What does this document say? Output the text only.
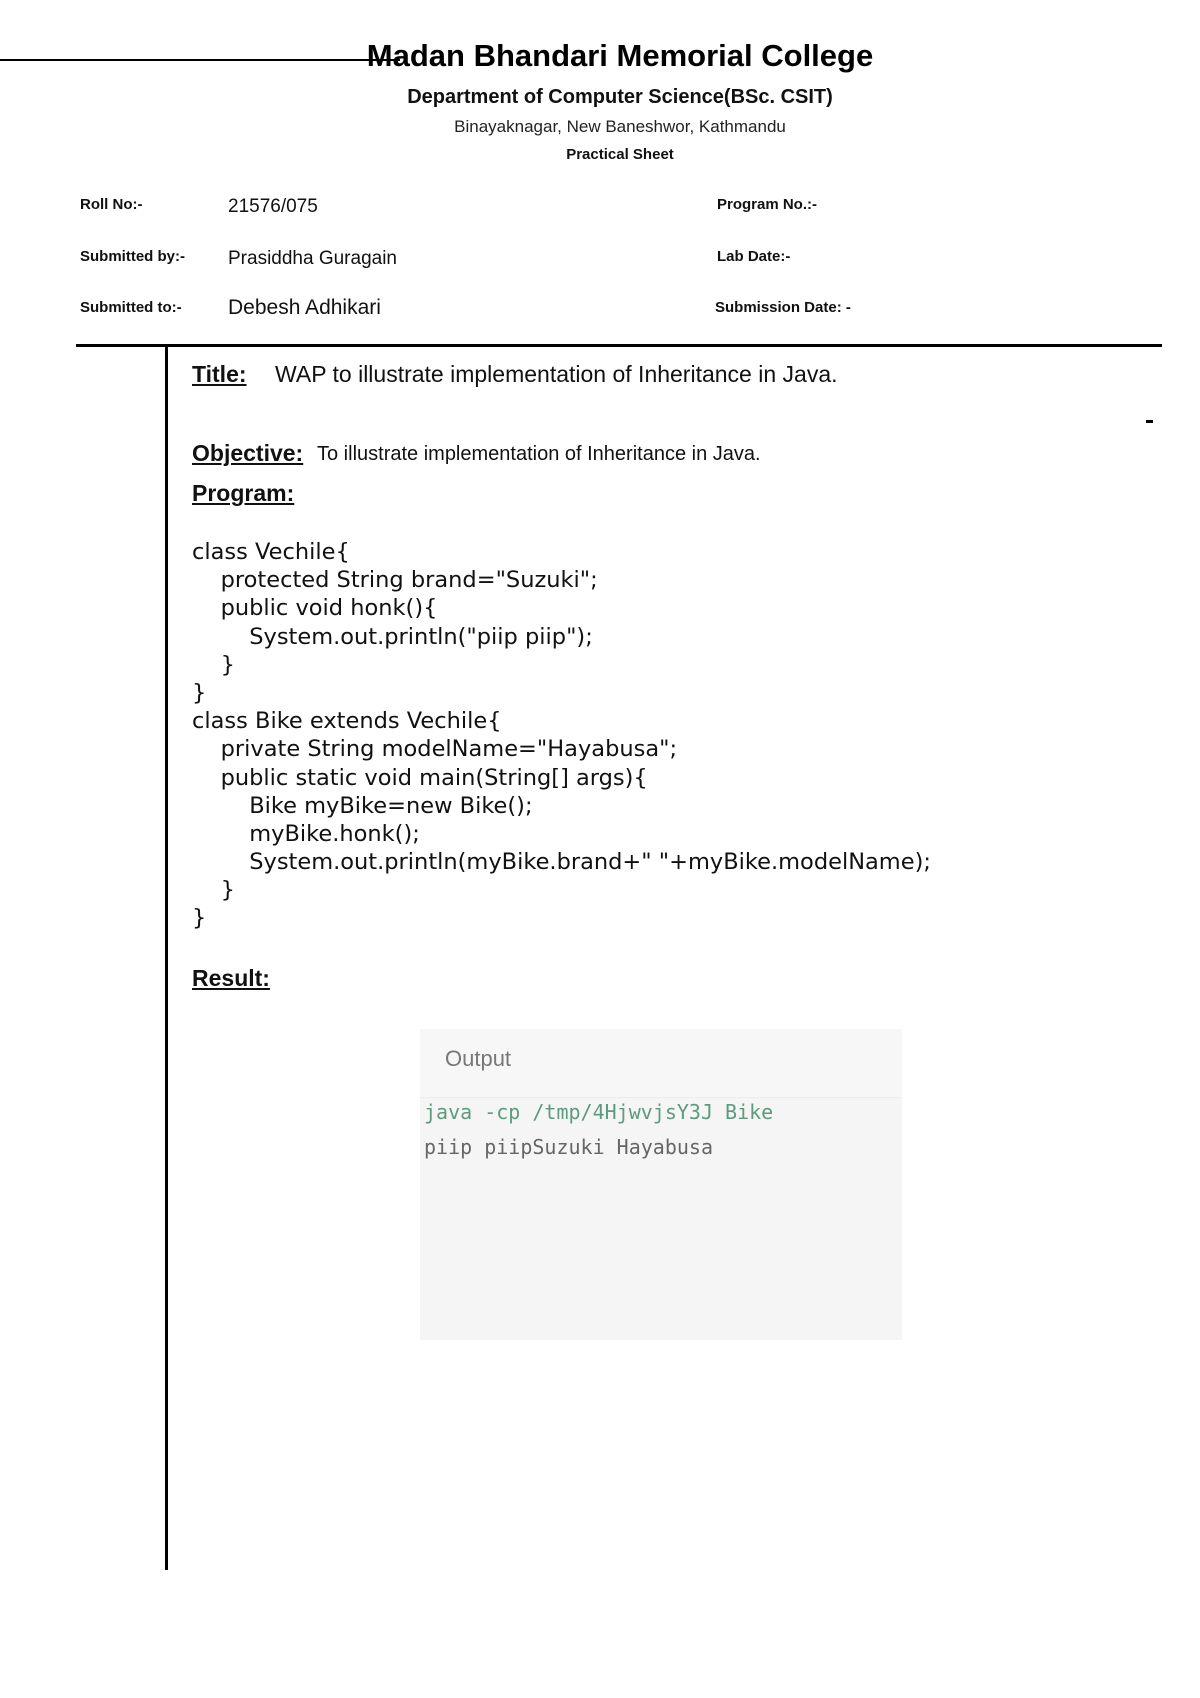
Madan Bhandari Memorial College
Department of Computer Science(BSc. CSIT)
Binayaknagar, New Baneshwor, Kathmandu
Practical Sheet
Roll No:-	21576/075	Program No.:-
Submitted by:- Prasiddha Guragain	Lab Date:-
Submitted to:- Debesh Adhikari	Submission Date: -
Title: WAP to illustrate implementation of Inheritance in Java.
Objective: To illustrate implementation of Inheritance in Java.
Program:
class Vechile{
protected String brand="Suzuki";
public void honk(){
System.out.println("piip piip");
}
}
class Bike extends Vechile{
private String modelName="Hayabusa";
public static void main(String[] args){
Bike myBike=new Bike();
myBike.honk();
System.out.println(myBike.brand+" "+myBike.modelName);
}
}
Result:
Output
java -cp /tmp/4HjwvjsY3J Bike
piip piipSuzuki Hayabusa
